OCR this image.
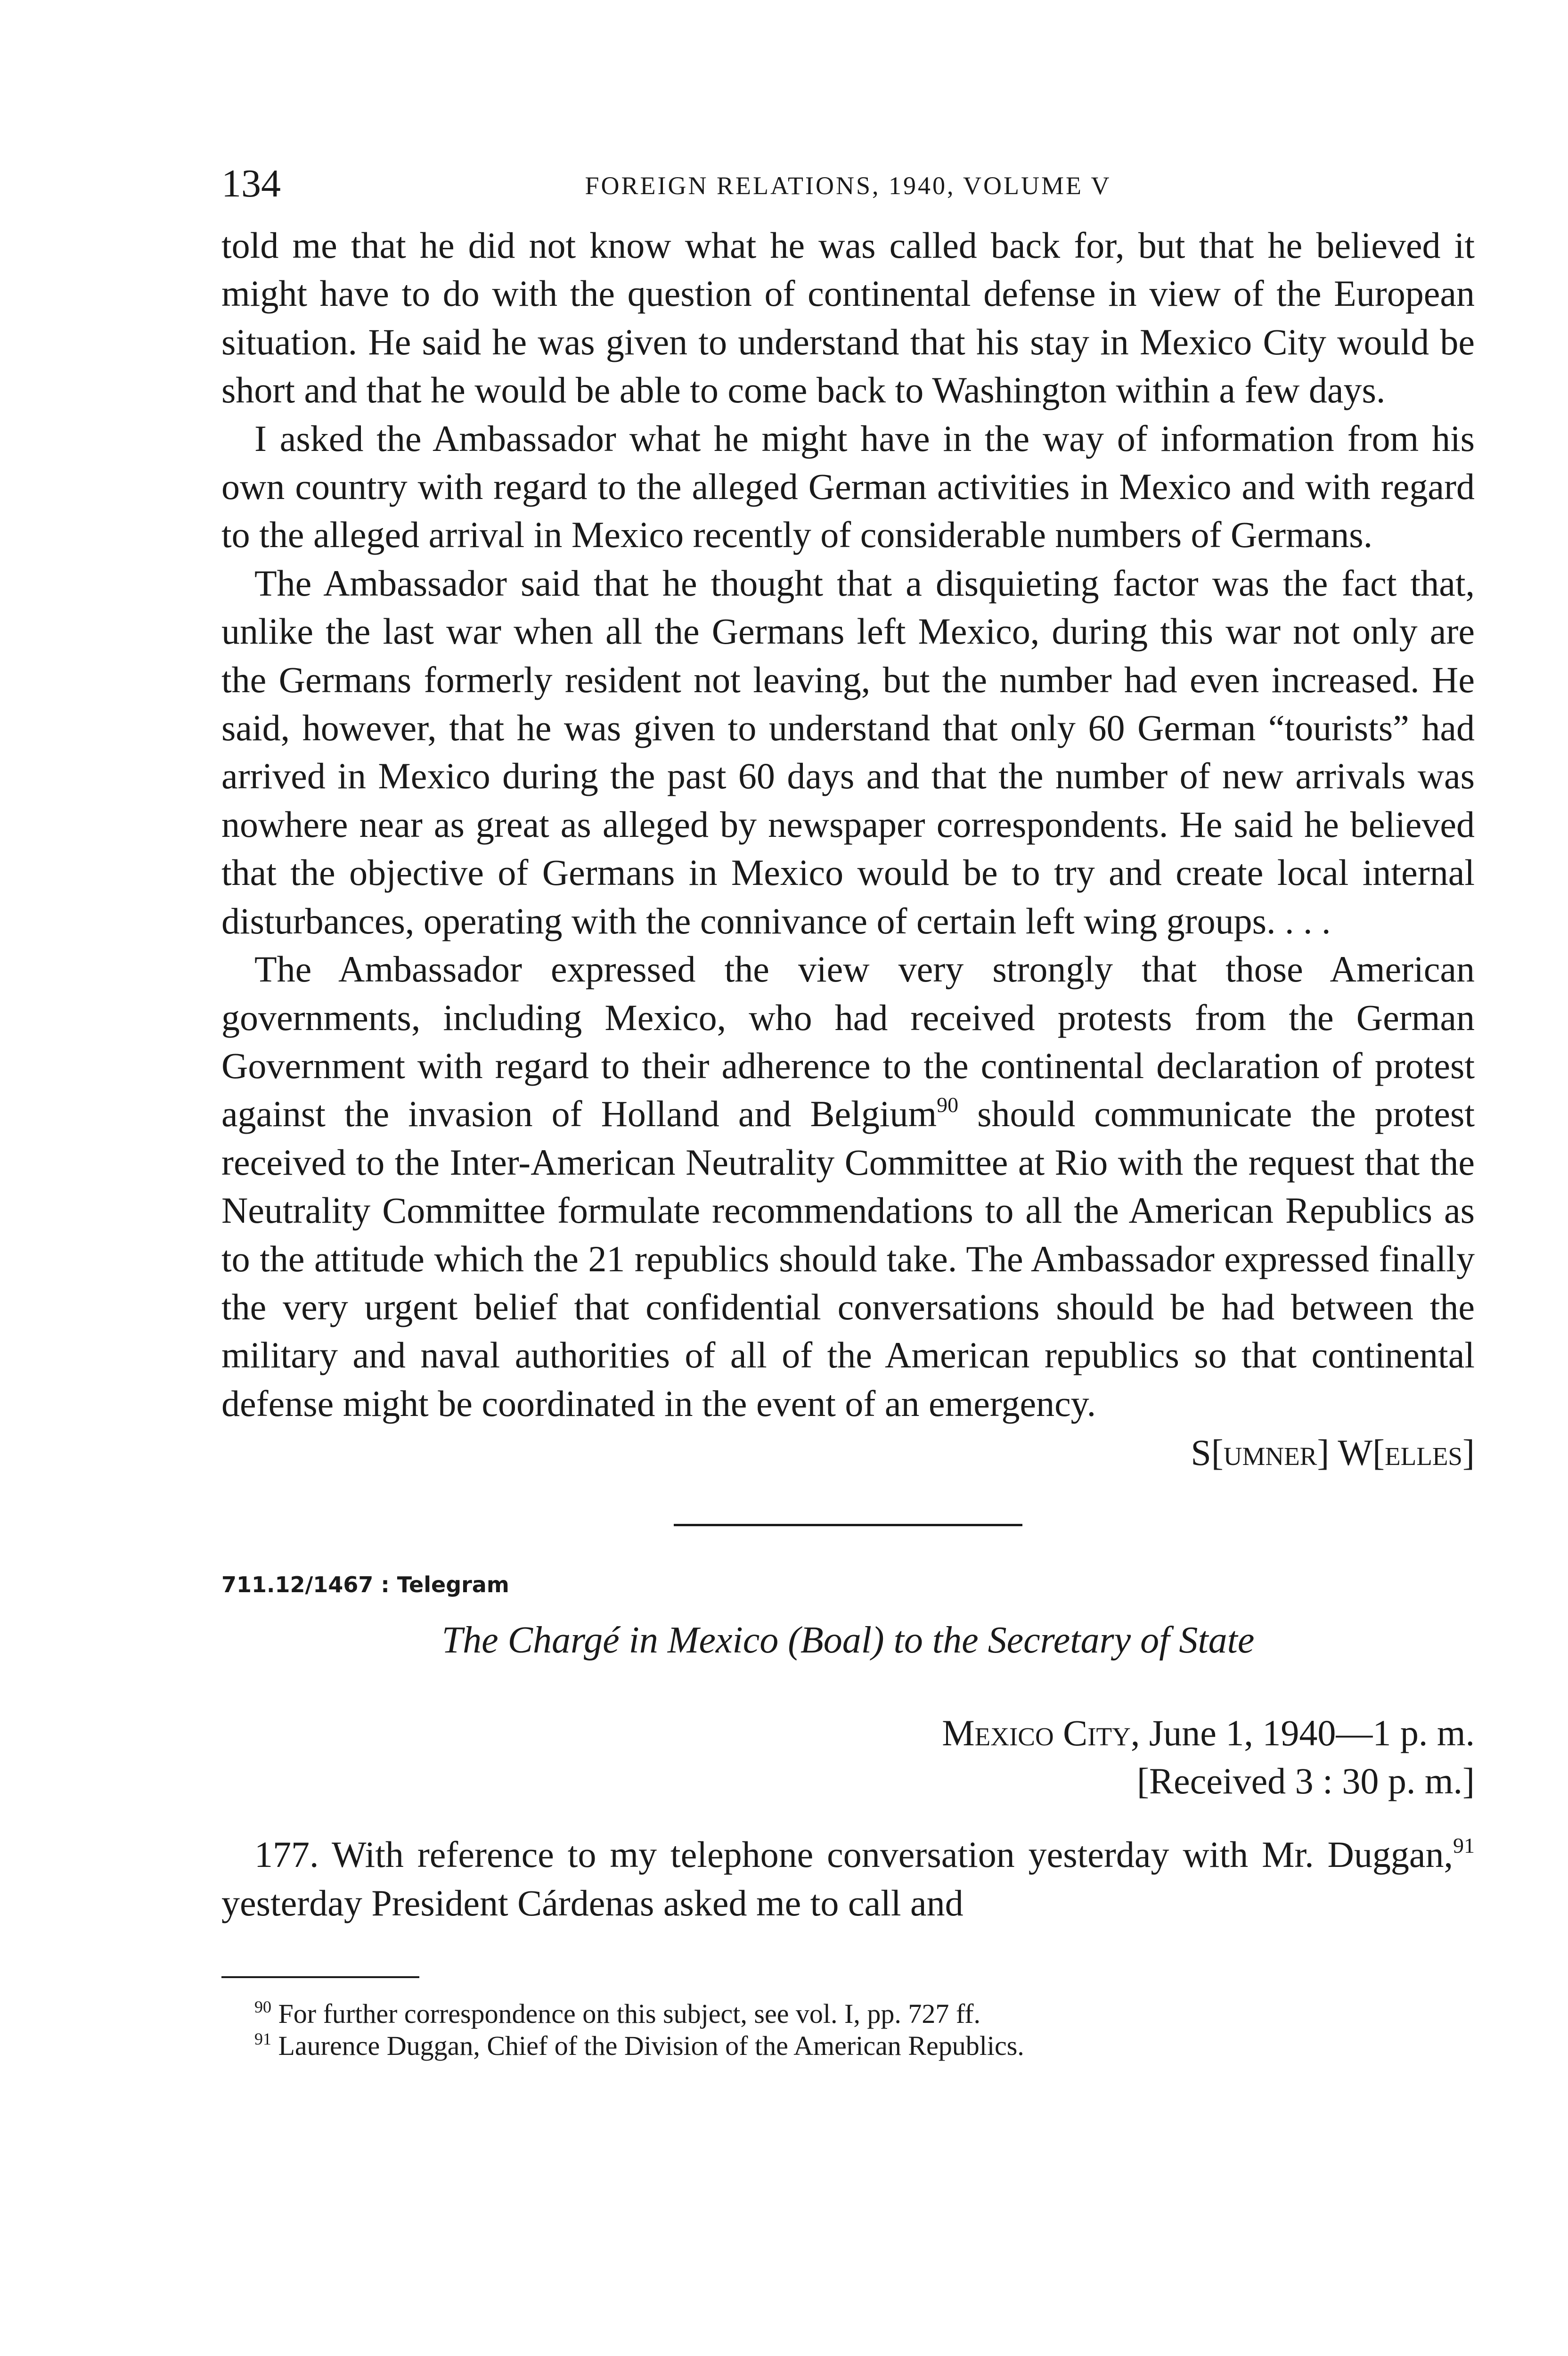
134	FOREIGN RELATIONS, 1940, VOLUME V

told me that he did not know what he was called back for, but that he believed it might have to do with the question of continental defense in view of the European situation. He said he was given to understand that his stay in Mexico City would be short and that he would be able to come back to Washington within a few days.

I asked the Ambassador what he might have in the way of information from his own country with regard to the alleged German activities in Mexico and with regard to the alleged arrival in Mexico recently of considerable numbers of Germans.

The Ambassador said that he thought that a disquieting factor was the fact that, unlike the last war when all the Germans left Mexico, during this war not only are the Germans formerly resident not leaving, but the number had even increased. He said, however, that he was given to understand that only 60 German “tourists” had arrived in Mexico during the past 60 days and that the number of new arrivals was nowhere near as great as alleged by newspaper correspondents. He said he believed that the objective of Germans in Mexico would be to try and create local internal disturbances, operating with the connivance of certain left wing groups. . . .

The Ambassador expressed the view very strongly that those American governments, including Mexico, who had received protests from the German Government with regard to their adherence to the continental declaration of protest against the invasion of Holland and Belgium$^{90}$ should communicate the protest received to the Inter-American Neutrality Committee at Rio with the request that the Neutrality Committee formulate recommendations to all the American Republics as to the attitude which the 21 republics should take. The Ambassador expressed finally the very urgent belief that confidential conversations should be had between the military and naval authorities of all of the American republics so that continental defense might be coordinated in the event of an emergency.

S[umner] W[elles]
711.12/1467 : Telegram
The Chargé in Mexico (Boal) to the Secretary of State
Mexico City, June 1, 1940—1 p. m.
[Received 3 : 30 p. m.]

177. With reference to my telephone conversation yesterday with Mr. Duggan,$^{91}$ yesterday President Cárdenas asked me to call and

$^{90}$ For further correspondence on this subject, see vol. I, pp. 727 ff.

$^{91}$ Laurence Duggan, Chief of the Division of the American Republics.
